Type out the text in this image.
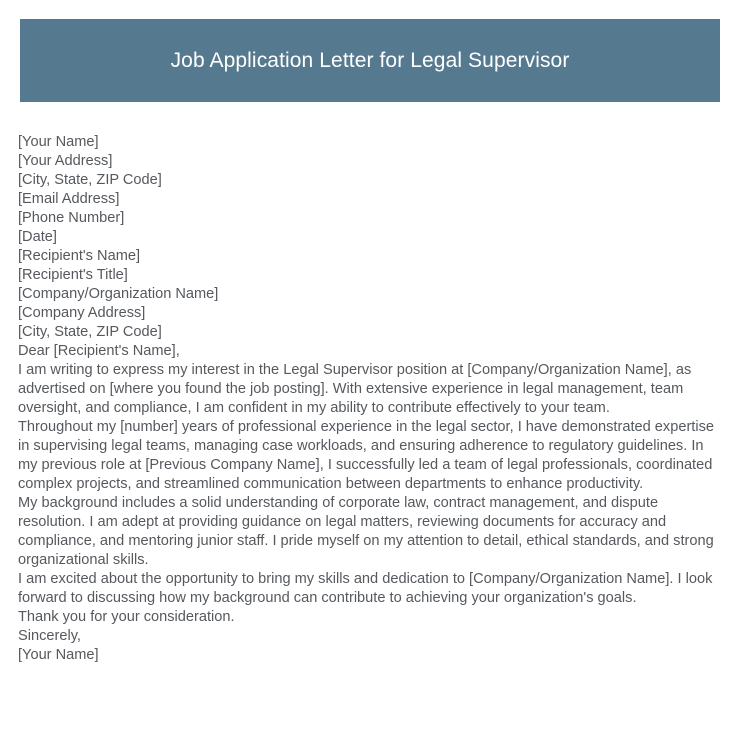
Job Application Letter for Legal Supervisor
[Your Name]
[Your Address]
[City, State, ZIP Code]
[Email Address]
[Phone Number]
[Date]
[Recipient's Name]
[Recipient's Title]
[Company/Organization Name]
[Company Address]
[City, State, ZIP Code]
Dear [Recipient's Name],

I am writing to express my interest in the Legal Supervisor position at [Company/Organization Name], as advertised on [where you found the job posting]. With extensive experience in legal management, team oversight, and compliance, I am confident in my ability to contribute effectively to your team.

Throughout my [number] years of professional experience in the legal sector, I have demonstrated expertise in supervising legal teams, managing case workloads, and ensuring adherence to regulatory guidelines. In my previous role at [Previous Company Name], I successfully led a team of legal professionals, coordinated complex projects, and streamlined communication between departments to enhance productivity.

My background includes a solid understanding of corporate law, contract management, and dispute resolution. I am adept at providing guidance on legal matters, reviewing documents for accuracy and compliance, and mentoring junior staff. I pride myself on my attention to detail, ethical standards, and strong organizational skills.

I am excited about the opportunity to bring my skills and dedication to [Company/Organization Name]. I look forward to discussing how my background can contribute to achieving your organization's goals.

Thank you for your consideration.
Sincerely,
[Your Name]
